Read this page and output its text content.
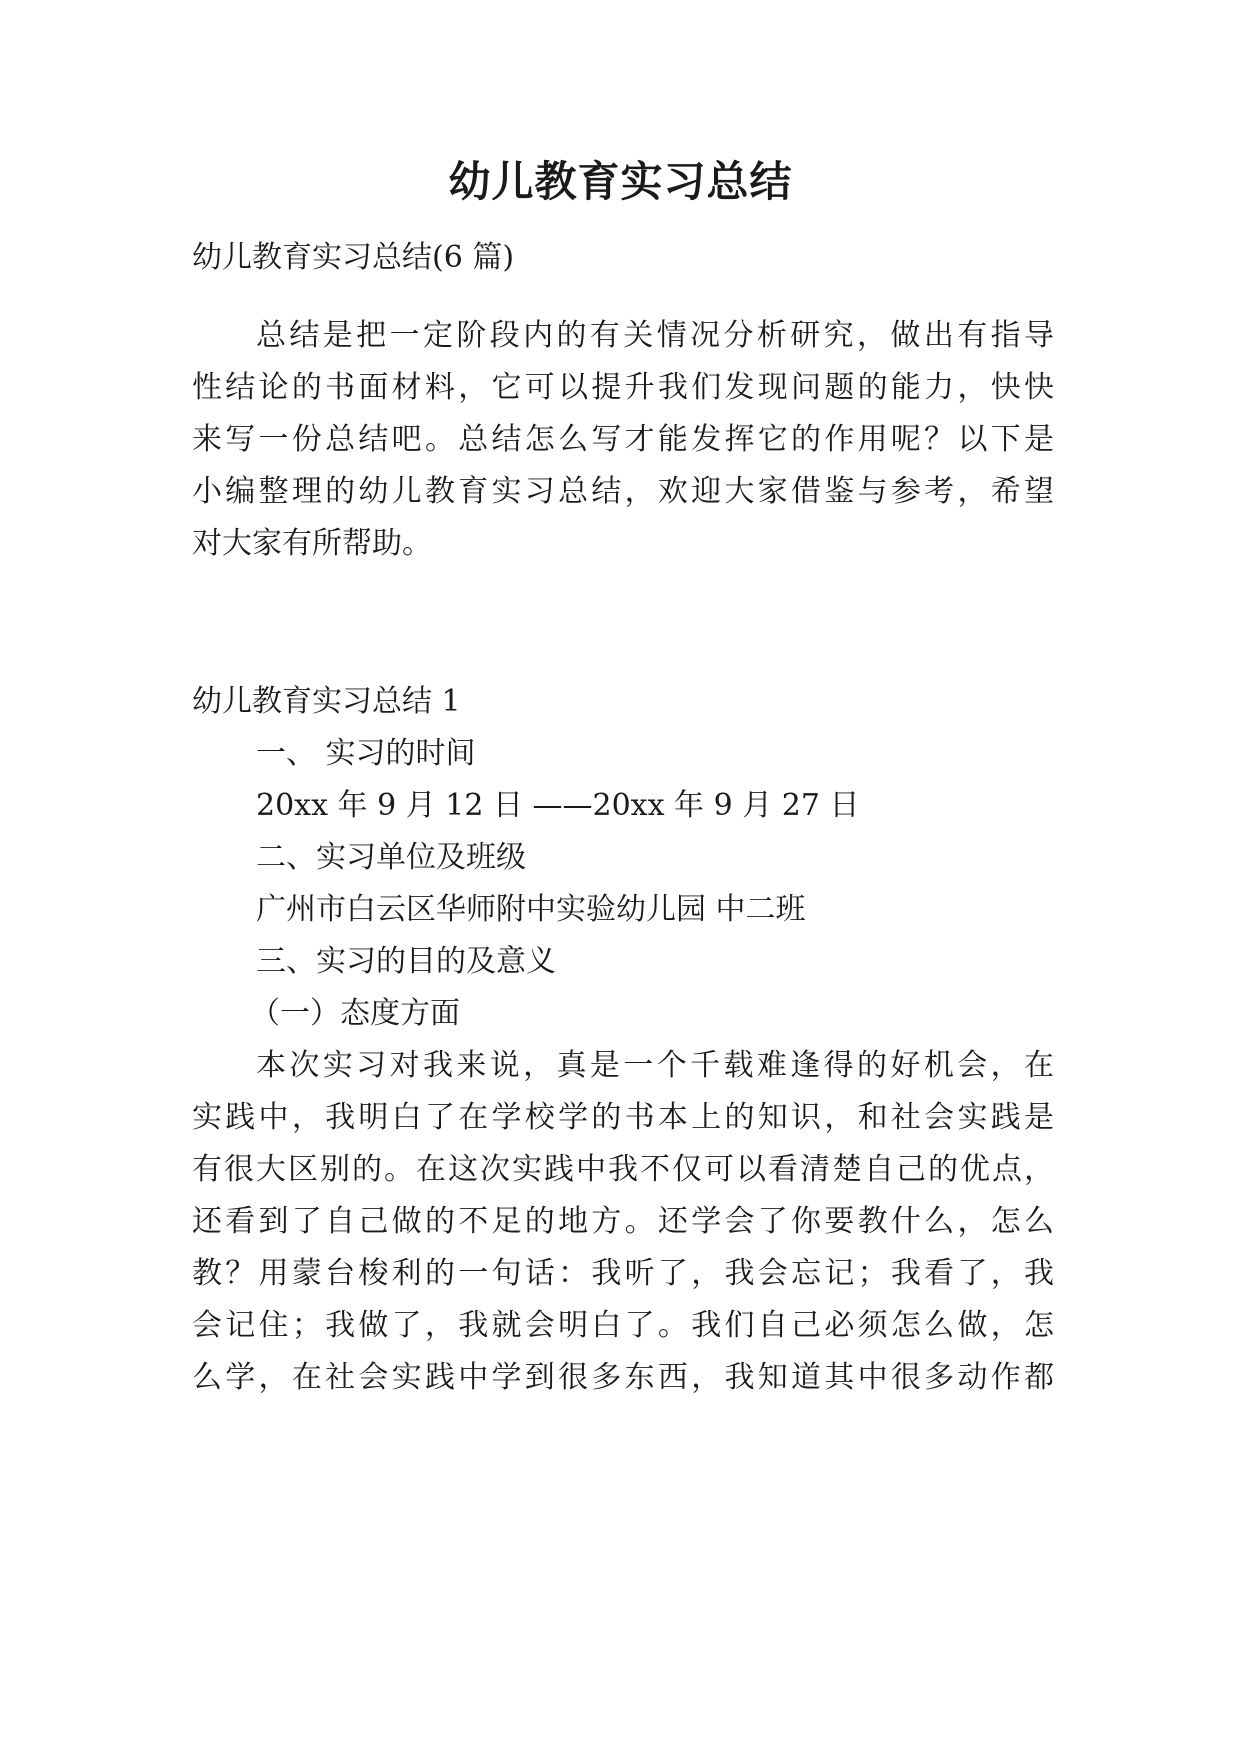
幼儿教育实习总结

幼儿教育实习总结(6 篇)

总结是把一定阶段内的有关情况分析研究，做出有指导

性结论的书面材料，它可以提升我们发现问题的能力，快快

来写一份总结吧。总结怎么写才能发挥它的作用呢？以下是

小编整理的幼儿教育实习总结，欢迎大家借鉴与参考，希望

对大家有所帮助。

幼儿教育实习总结 1

一、 实习的时间

20xx 年 9 月 12 日 ——20xx 年 9 月 27 日

二、实习单位及班级

广州市白云区华师附中实验幼儿园 中二班

三、实习的目的及意义

（一）态度方面

本次实习对我来说，真是一个千载难逢得的好机会，在

实践中，我明白了在学校学的书本上的知识，和社会实践是

有很大区别的。在这次实践中我不仅可以看清楚自己的优点，

还看到了自己做的不足的地方。还学会了你要教什么，怎么

教？用蒙台梭利的一句话：我听了，我会忘记；我看了，我

会记住；我做了，我就会明白了。我们自己必须怎么做，怎

么学，在社会实践中学到很多东西，我知道其中很多动作都
